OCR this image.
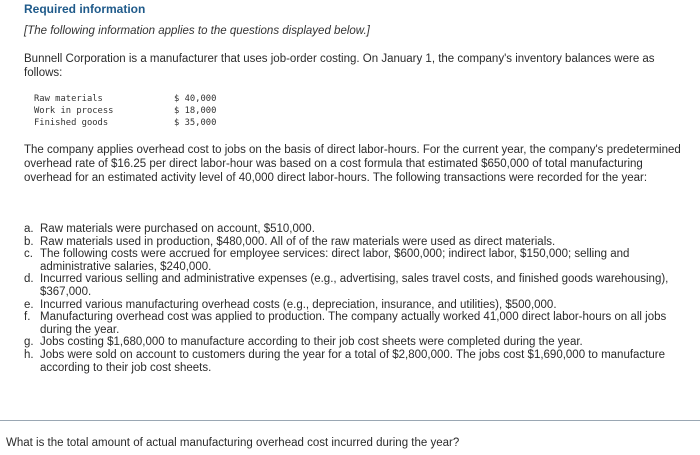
Required information
[The following information applies to the questions displayed below.]

Bunnell Corporation is a manufacturer that uses job-order costing. On January 1, the company's inventory balances were as follows:

Raw materials	$ 40,000
Work in process	$ 18,000
Finished goods	$ 35,000

The company applies overhead cost to jobs on the basis of direct labor-hours. For the current year, the company's predetermined overhead rate of $16.25 per direct labor-hour was based on a cost formula that estimated $650,000 of total manufacturing overhead for an estimated activity level of 40,000 direct labor-hours. The following transactions were recorded for the year:

a. Raw materials were purchased on account, $510,000.
b. Raw materials used in production, $480,000. All of of the raw materials were used as direct materials.
c. The following costs were accrued for employee services: direct labor, $600,000; indirect labor, $150,000; selling and administrative salaries, $240,000.
d. Incurred various selling and administrative expenses (e.g., advertising, sales travel costs, and finished goods warehousing), $367,000.
e. Incurred various manufacturing overhead costs (e.g., depreciation, insurance, and utilities), $500,000.
f. Manufacturing overhead cost was applied to production. The company actually worked 41,000 direct labor-hours on all jobs during the year.
g. Jobs costing $1,680,000 to manufacture according to their job cost sheets were completed during the year.
h. Jobs were sold on account to customers during the year for a total of $2,800,000. The jobs cost $1,690,000 to manufacture according to their job cost sheets.
What is the total amount of actual manufacturing overhead cost incurred during the year?
